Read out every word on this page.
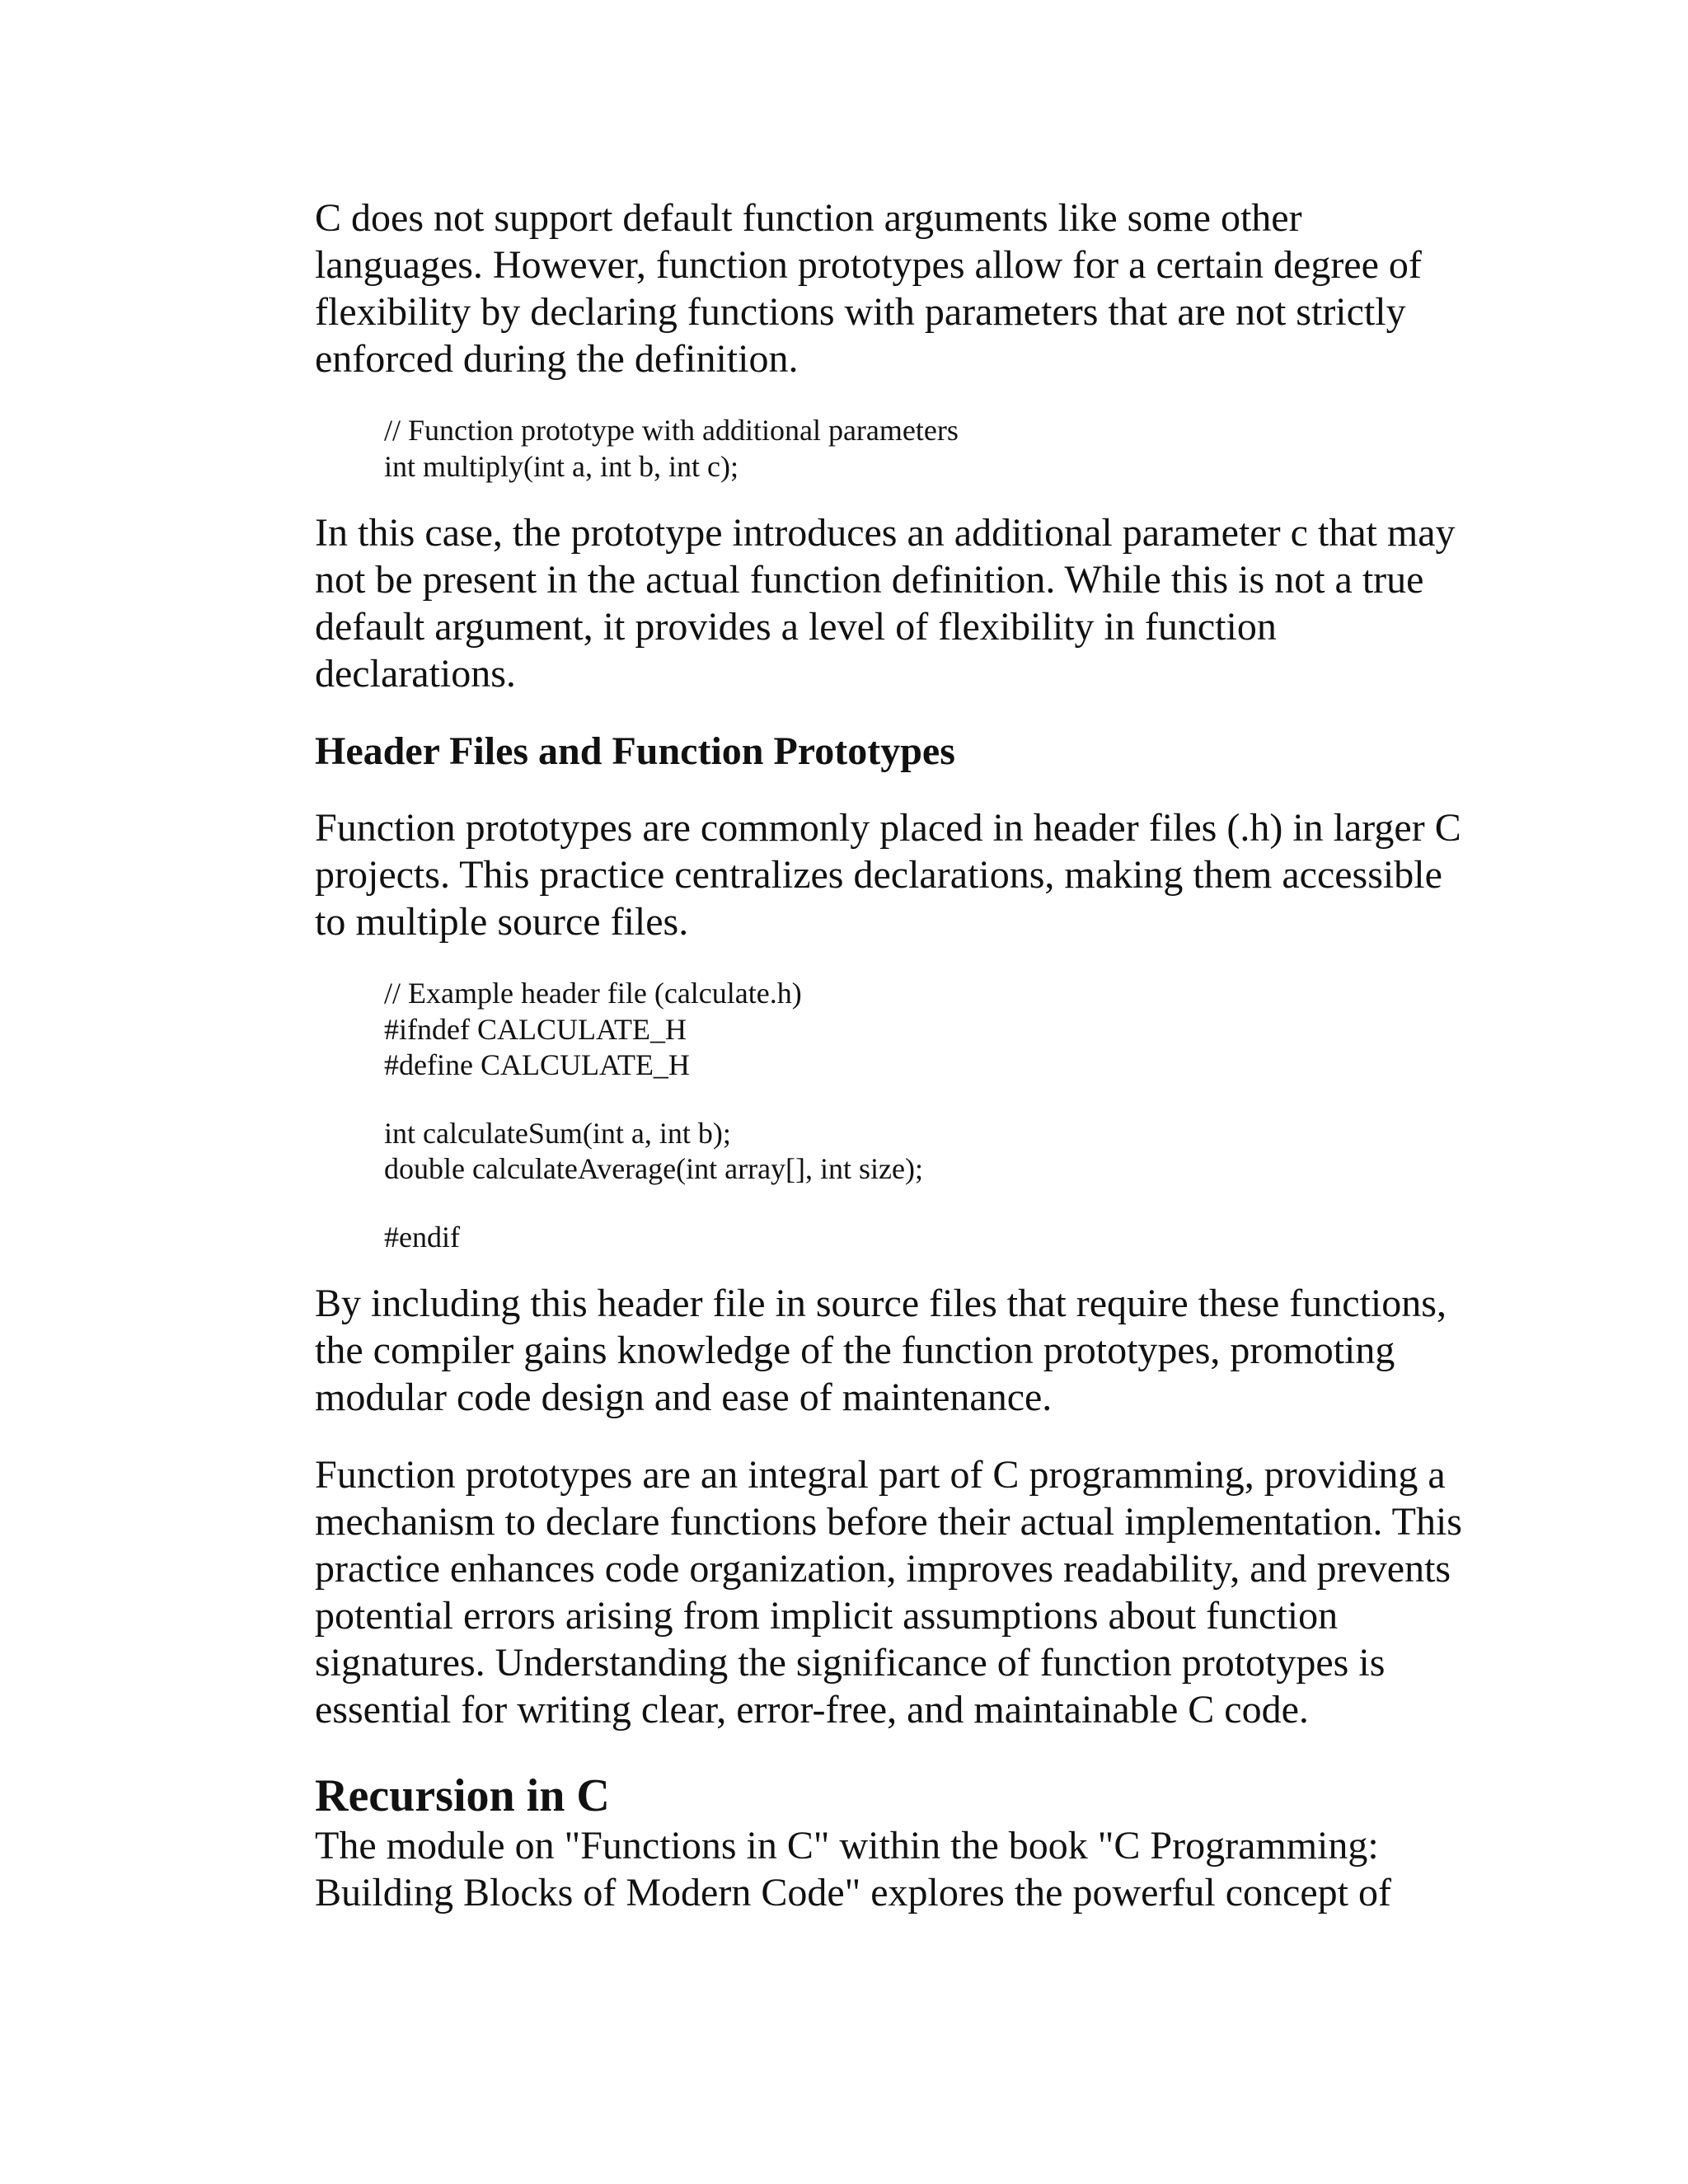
C does not support default function arguments like some other languages. However, function prototypes allow for a certain degree of flexibility by declaring functions with parameters that are not strictly enforced during the definition.

// Function prototype with additional parameters
int multiply(int a, int b, int c);

In this case, the prototype introduces an additional parameter c that may not be present in the actual function definition. While this is not a true default argument, it provides a level of flexibility in function declarations.

Header Files and Function Prototypes

Function prototypes are commonly placed in header files (.h) in larger C projects. This practice centralizes declarations, making them accessible to multiple source files.

// Example header file (calculate.h)
#ifndef CALCULATE_H
#define CALCULATE_H
int calculateSum(int a, int b);
double calculateAverage(int array[], int size);
#endif

By including this header file in source files that require these functions, the compiler gains knowledge of the function prototypes, promoting modular code design and ease of maintenance.

Function prototypes are an integral part of C programming, providing a mechanism to declare functions before their actual implementation. This practice enhances code organization, improves readability, and prevents potential errors arising from implicit assumptions about function signatures. Understanding the significance of function prototypes is essential for writing clear, error-free, and maintainable C code.

Recursion in C

The module on "Functions in C" within the book "C Programming: Building Blocks of Modern Code" explores the powerful concept of
